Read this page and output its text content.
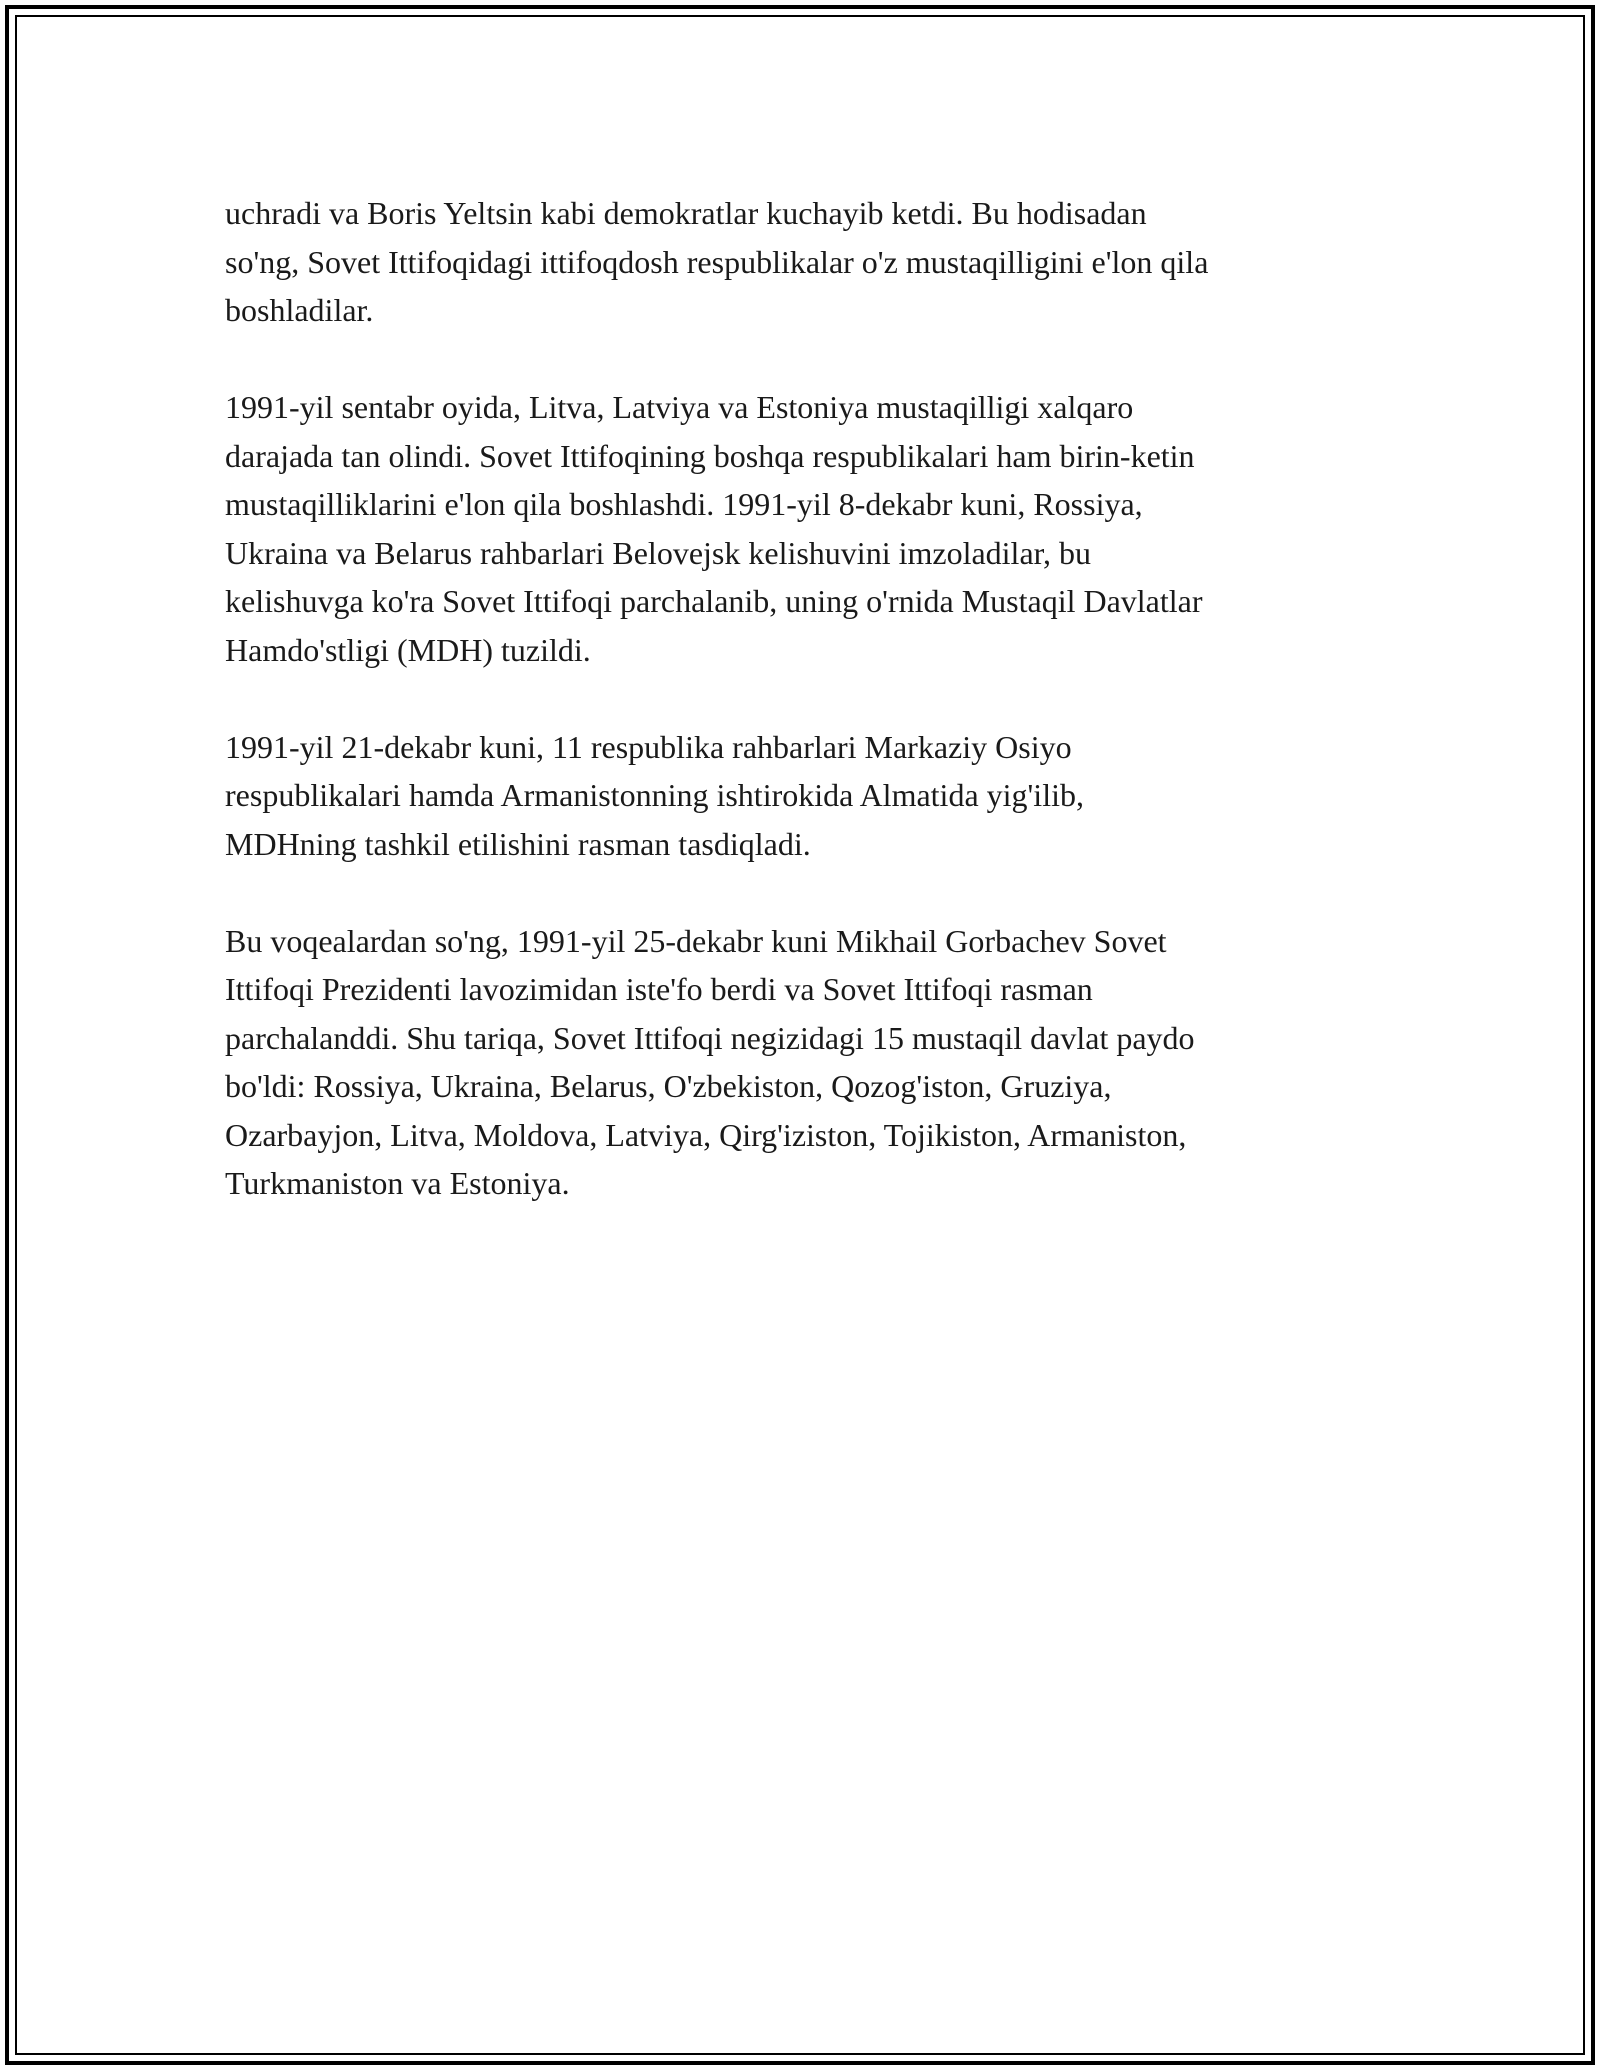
uchradi va Boris Yeltsin kabi demokratlar kuchayib ketdi. Bu hodisadan
so'ng, Sovet Ittifoqidagi ittifoqdosh respublikalar o'z mustaqilligini e'lon qila
boshladilar.

1991-yil sentabr oyida, Litva, Latviya va Estoniya mustaqilligi xalqaro
darajada tan olindi. Sovet Ittifoqining boshqa respublikalari ham birin-ketin
mustaqilliklarini e'lon qila boshlashdi. 1991-yil 8-dekabr kuni, Rossiya,
Ukraina va Belarus rahbarlari Belovejsk kelishuvini imzoladilar, bu
kelishuvga ko'ra Sovet Ittifoqi parchalanib, uning o'rnida Mustaqil Davlatlar
Hamdo'stligi (MDH) tuzildi.

1991-yil 21-dekabr kuni, 11 respublika rahbarlari Markaziy Osiyo
respublikalari hamda Armanistonning ishtirokida Almatida yig'ilib,
MDHning tashkil etilishini rasman tasdiqladi.

Bu voqealardan so'ng, 1991-yil 25-dekabr kuni Mikhail Gorbachev Sovet
Ittifoqi Prezidenti lavozimidan iste'fo berdi va Sovet Ittifoqi rasman
parchalanddi. Shu tariqa, Sovet Ittifoqi negizidagi 15 mustaqil davlat paydo
bo'ldi: Rossiya, Ukraina, Belarus, O'zbekiston, Qozog'iston, Gruziya,
Ozarbayjon, Litva, Moldova, Latviya, Qirg'iziston, Tojikiston, Armaniston,
Turkmaniston va Estoniya.
